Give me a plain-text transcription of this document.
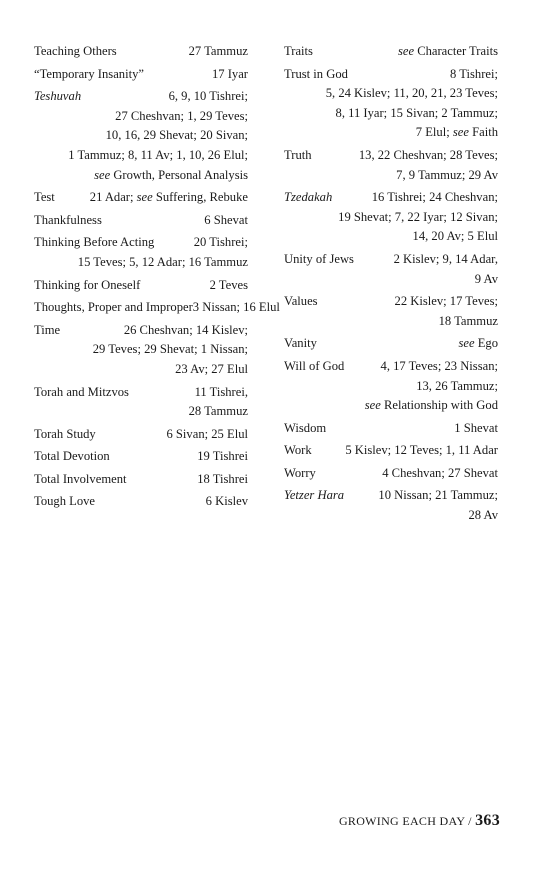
Teaching Others	27 Tammuz
“Temporary Insanity”	17 Iyar
Teshuvah	6, 9, 10 Tishrei;
27 Cheshvan; 1, 29 Teves;
10, 16, 29 Shevat; 20 Sivan;
1 Tammuz; 8, 11 Av; 1, 10, 26 Elul;
see Growth, Personal Analysis
Test	21 Adar; see Suffering, Rebuke
Thankfulness	6 Shevat
Thinking Before Acting	20 Tishrei;
15 Teves; 5, 12 Adar; 16 Tammuz
Thinking for Oneself	2 Teves
Thoughts, Proper and Improper 3 Nissan; 16 Elul
Time	26 Cheshvan; 14 Kislev;
29 Teves; 29 Shevat; 1 Nissan;
23 Av; 27 Elul
Torah and Mitzvos	11 Tishrei,
28 Tammuz
Torah Study	6 Sivan; 25 Elul
Total Devotion	19 Tishrei
Total Involvement	18 Tishrei
Tough Love	6 Kislev
Traits	see Character Traits
Trust in God	8 Tishrei;
5, 24 Kislev; 11, 20, 21, 23 Teves;
8, 11 Iyar; 15 Sivan; 2 Tammuz;
7 Elul; see Faith
Truth	13, 22 Cheshvan; 28 Teves;
7, 9 Tammuz; 29 Av
Tzedakah	16 Tishrei; 24 Cheshvan;
19 Shevat; 7, 22 Iyar; 12 Sivan;
14, 20 Av; 5 Elul
Unity of Jews	2 Kislev; 9, 14 Adar,
9 Av
Values	22 Kislev; 17 Teves;
18 Tammuz
Vanity	see Ego
Will of God	4, 17 Teves; 23 Nissan;
13, 26 Tammuz;
see Relationship with God
Wisdom	1 Shevat
Work	5 Kislev; 12 Teves; 1, 11 Adar
Worry	4 Cheshvan; 27 Shevat
Yetzer Hara	10 Nissan; 21 Tammuz;
28 Av
GROWING EACH DAY / 363
